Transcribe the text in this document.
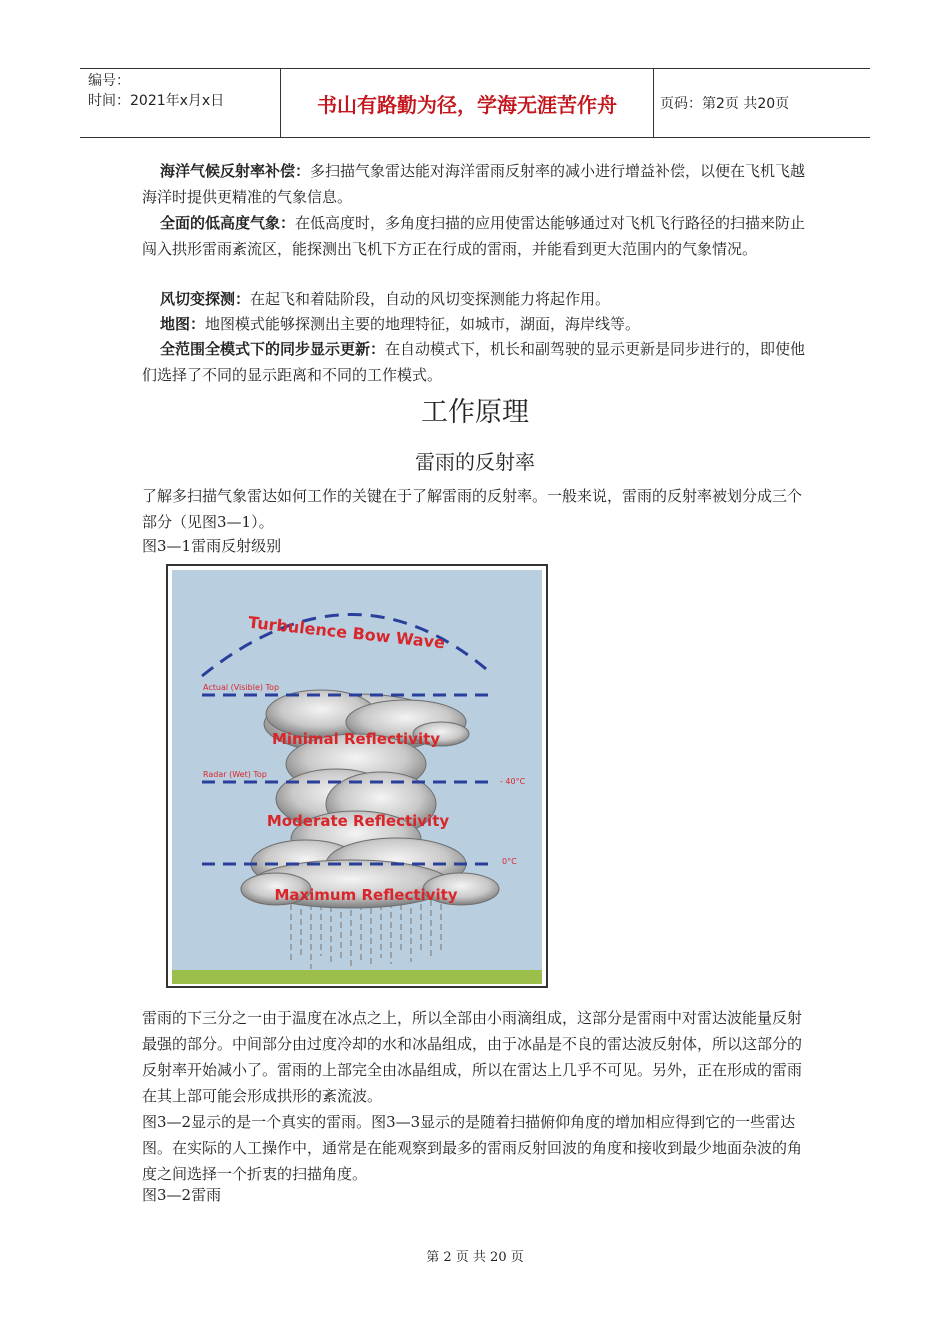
编号：
时间：2021年x月x日	书山有路勤为径，学海无涯苦作舟	页码：第2页 共20页

海洋气候反射率补偿：多扫描气象雷达能对海洋雷雨反射率的减小进行增益补偿，以便在飞机飞越海洋时提供更精准的气象信息。

全面的低高度气象：在低高度时，多角度扫描的应用使雷达能够通过对飞机飞行路径的扫描来防止闯入拱形雷雨紊流区，能探测出飞机下方正在行成的雷雨，并能看到更大范围内的气象情况。

风切变探测：在起飞和着陆阶段，自动的风切变探测能力将起作用。

地图：地图模式能够探测出主要的地理特征，如城市，湖面，海岸线等。

全范围全模式下的同步显示更新：在自动模式下，机长和副驾驶的显示更新是同步进行的，即使他们选择了不同的显示距离和不同的工作模式。

工作原理
雷雨的反射率

了解多扫描气象雷达如何工作的关键在于了解雷雨的反射率。一般来说，雷雨的反射率被划分成三个部分（见图3—1）。

图3—1雷雨反射级别
Turbulence Bow Wave
Actual (Visible) Top
Radar (Wet) Top
- 40°C
0°C
Minimal Reflectivity
Moderate Reflectivity
Maximum Reflectivity

雷雨的下三分之一由于温度在冰点之上，所以全部由小雨滴组成，这部分是雷雨中对雷达波能量反射最强的部分。中间部分由过度冷却的水和冰晶组成，由于冰晶是不良的雷达波反射体，所以这部分的反射率开始减小了。雷雨的上部完全由冰晶组成，所以在雷达上几乎不可见。另外，正在形成的雷雨在其上部可能会形成拱形的紊流波。

图3—2显示的是一个真实的雷雨。图3—3显示的是随着扫描俯仰角度的增加相应得到它的一些雷达图。在实际的人工操作中，通常是在能观察到最多的雷雨反射回波的角度和接收到最少地面杂波的角度之间选择一个折衷的扫描角度。

图3—2雷雨
第 2 页 共 20 页
